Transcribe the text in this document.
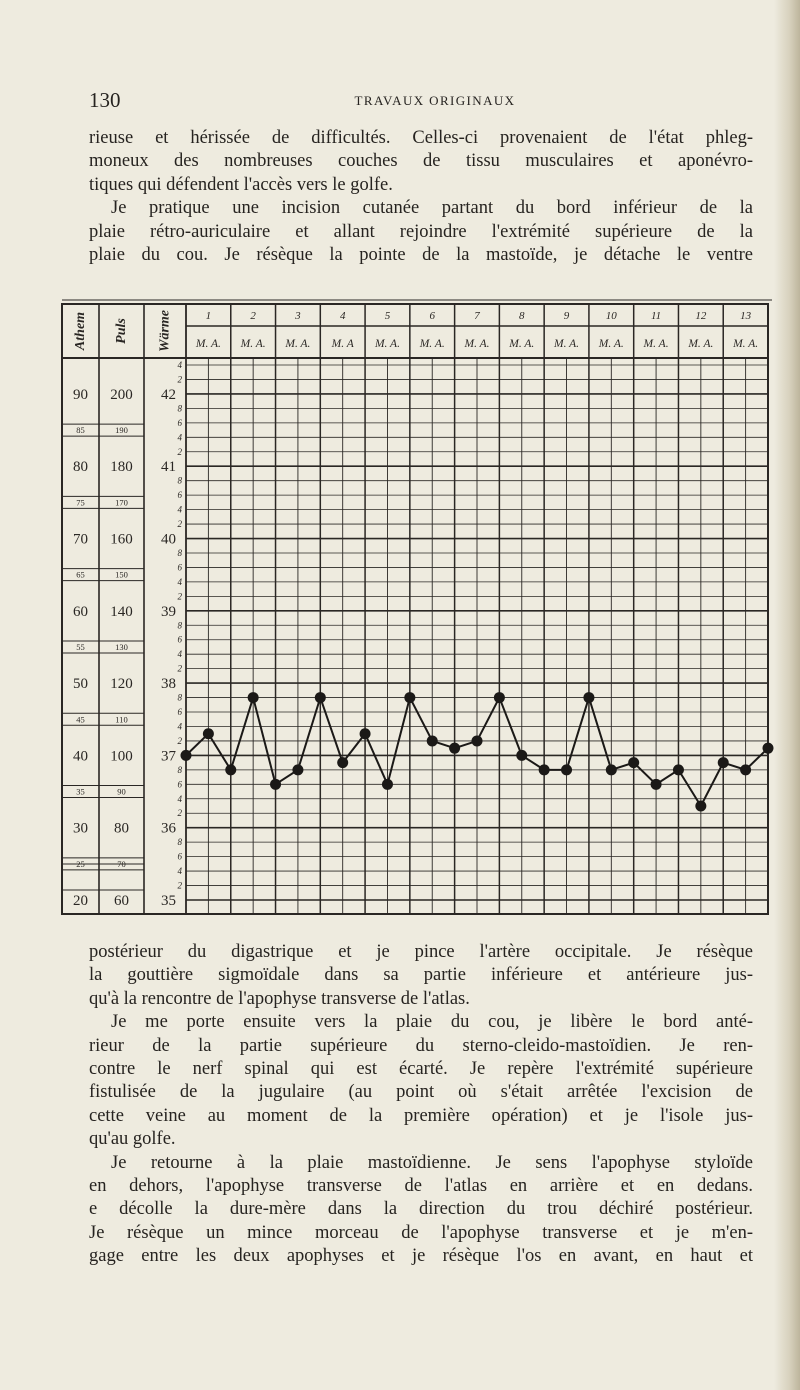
130	TRAVAUX ORIGINAUX

rieuse et hérissée de difficultés. Celles-ci provenaient de l'état phleg-
moneux des nombreuses couches de tissu musculaires et aponévro-
tiques qui défendent l'accès vers le golfe.
Je pratique une incision cutanée partant du bord inférieur de la
plaie rétro-auriculaire et allant rejoindre l'extrémité supérieure de la
plaie du cou. Je résèque la pointe de la mastoïde, je détache le ventre

Athem Puls Wärme	1
M. A.
2
M. A.
3
M. A.
4
M. A
5
M. A.
6
M. A.
7
M. A.
8
M. A.
9
M. A.
10
M. A.
11
M. A.
12
M. A.
13
M. A.
4
2
8
6
4
2
8
6
4
2
8
6
4
2
8
6
4
2
8
6
4
2
8
6
4
2
8
6
4
2
42
41
40
39
38
37
36
35
90 200
85	190
80 180
75	170
70 160
65	150
60 140
55	130
50 120
45	110
40 100
35	90
30 80
25	70
20 60

postérieur du digastrique et je pince l'artère occipitale. Je résèque
la gouttière sigmoïdale dans sa partie inférieure et antérieure jus-
qu'à la rencontre de l'apophyse transverse de l'atlas.
Je me porte ensuite vers la plaie du cou, je libère le bord anté-
rieur de la partie supérieure du sterno-cleido-mastoïdien. Je ren-
contre le nerf spinal qui est écarté. Je repère l'extrémité supérieure
fistulisée de la jugulaire (au point où s'était arrêtée l'excision de
cette veine au moment de la première opération) et je l'isole jus-
qu'au golfe.
Je retourne à la plaie mastoïdienne. Je sens l'apophyse styloïde
en dehors, l'apophyse transverse de l'atlas en arrière et en dedans.
e décolle la dure-mère dans la direction du trou déchiré postérieur.
Je résèque un mince morceau de l'apophyse transverse et je m'en-
gage entre les deux apophyses et je résèque l'os en avant, en haut et
